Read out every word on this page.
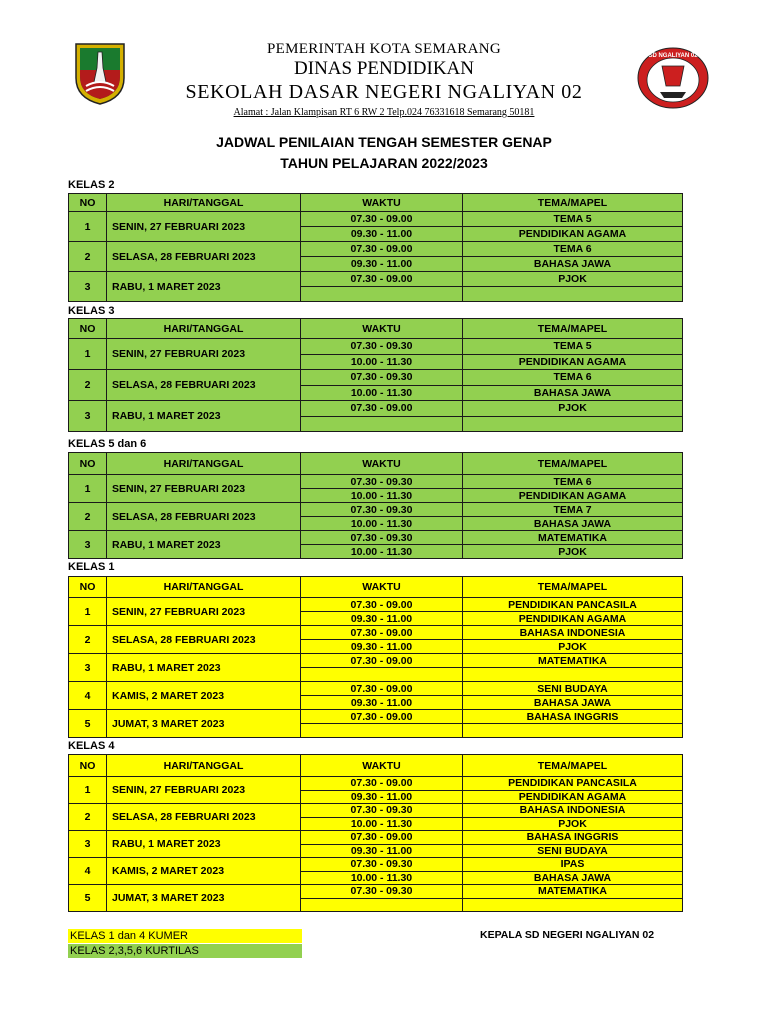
PEMERINTAH KOTA SEMARANG
DINAS PENDIDIKAN
SEKOLAH DASAR NEGERI NGALIYAN 02
Alamat : Jalan Klampisan RT 6 RW 2 Telp.024 76331618 Semarang 50181
SD NGALIYAN 02
JADWAL PENILAIAN TENGAH SEMESTER GENAP
TAHUN PELAJARAN 2022/2023
KELAS 2
NO	HARI/TANGGAL	WAKTU	TEMA/MAPEL
1	SENIN, 27 FEBRUARI 2023	07.30 - 09.00	TEMA 5
		09.30 - 11.00	PENDIDIKAN AGAMA
2	SELASA, 28 FEBRUARI 2023	07.30 - 09.00	TEMA 6
		09.30 - 11.00	BAHASA JAWA
3	RABU, 1 MARET 2023	07.30 - 09.00	PJOK

KELAS 3
NO	HARI/TANGGAL	WAKTU	TEMA/MAPEL
1	SENIN, 27 FEBRUARI 2023	07.30 - 09.30	TEMA 5
		10.00 - 11.30	PENDIDIKAN AGAMA
2	SELASA, 28 FEBRUARI 2023	07.30 - 09.30	TEMA 6
		10.00 - 11.30	BAHASA JAWA
3	RABU, 1 MARET 2023	07.30 - 09.00	PJOK

KELAS 5 dan 6
NO	HARI/TANGGAL	WAKTU	TEMA/MAPEL
1	SENIN, 27 FEBRUARI 2023	07.30 - 09.30	TEMA 6
		10.00 - 11.30	PENDIDIKAN AGAMA
2	SELASA, 28 FEBRUARI 2023	07.30 - 09.30	TEMA 7
		10.00 - 11.30	BAHASA JAWA
3	RABU, 1 MARET 2023	07.30 - 09.30	MATEMATIKA
		10.00 - 11.30	PJOK
KELAS 1
NO	HARI/TANGGAL	WAKTU	TEMA/MAPEL
1	SENIN, 27 FEBRUARI 2023	07.30 - 09.00	PENDIDIKAN PANCASILA
		09.30 - 11.00	PENDIDIKAN AGAMA
2	SELASA, 28 FEBRUARI 2023	07.30 - 09.00	BAHASA INDONESIA
		09.30 - 11.00	PJOK
3	RABU, 1 MARET 2023	07.30 - 09.00	MATEMATIKA

4	KAMIS, 2 MARET 2023	07.30 - 09.00	SENI BUDAYA
		09.30 - 11.00	BAHASA JAWA
5	JUMAT, 3 MARET 2023	07.30 - 09.00	BAHASA INGGRIS

KELAS 4
NO	HARI/TANGGAL	WAKTU	TEMA/MAPEL
1	SENIN, 27 FEBRUARI 2023	07.30 - 09.00	PENDIDIKAN PANCASILA
		09.30 - 11.00	PENDIDIKAN AGAMA
2	SELASA, 28 FEBRUARI 2023	07.30 - 09.30	BAHASA INDONESIA
		10.00 - 11.30	PJOK
3	RABU, 1 MARET 2023	07.30 - 09.00	BAHASA INGGRIS
		09.30 - 11.00	SENI BUDAYA
4	KAMIS, 2 MARET 2023	07.30 - 09.30	IPAS
		10.00 - 11.30	BAHASA JAWA
5	JUMAT, 3 MARET 2023	07.30 - 09.30	MATEMATIKA

KELAS 1 dan 4 KUMER
KELAS 2,3,5,6 KURTILAS
KEPALA SD NEGERI NGALIYAN 02
